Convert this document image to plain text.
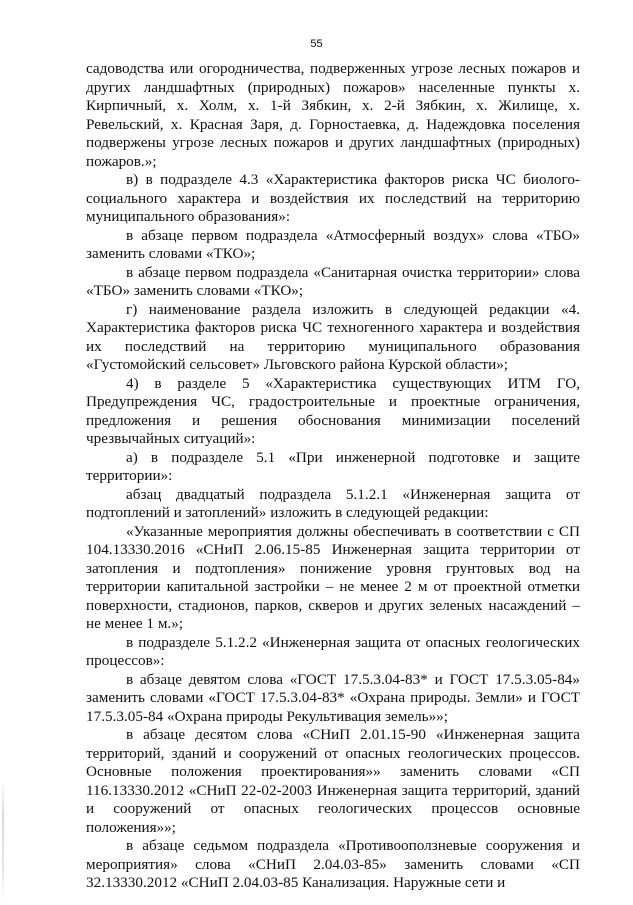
55

садоводства или огородничества, подверженных угрозе лесных пожаров и других ландшафтных (природных) пожаров» населенные пункты х. Кирпичный, х. Холм, х. 1-й Зябкин, х. 2-й Зябкин, х. Жилище, х. Ревельский, х. Красная Заря, д. Горностаевка, д. Надеждовка поселения подвержены угрозе лесных пожаров и других ландшафтных (природных) пожаров.»;

в) в подразделе 4.3 «Характеристика факторов риска ЧС биолого-социального характера и воздействия их последствий на территорию муниципального образования»:

в абзаце первом подраздела «Атмосферный воздух» слова «ТБО» заменить словами «ТКО»;

в абзаце первом подраздела «Санитарная очистка территории» слова «ТБО» заменить словами «ТКО»;

г) наименование раздела изложить в следующей редакции «4. Характеристика факторов риска ЧС техногенного характера и воздействия их последствий на территорию муниципального образования «Густомойский сельсовет» Льговского района Курской области»;

4) в разделе 5 «Характеристика существующих ИТМ ГО, Предупреждения ЧС, градостроительные и проектные ограничения, предложения и решения обоснования минимизации поселений чрезвычайных ситуаций»:

а) в подразделе 5.1 «При инженерной подготовке и защите территории»:

абзац двадцатый подраздела 5.1.2.1 «Инженерная защита от подтоплений и затоплений» изложить в следующей редакции:

«Указанные мероприятия должны обеспечивать в соответствии с СП 104.13330.2016 «СНиП 2.06.15-85 Инженерная защита территории от затопления и подтопления» понижение уровня грунтовых вод на территории капитальной застройки – не менее 2 м от проектной отметки поверхности, стадионов, парков, скверов и других зеленых насаждений – не менее 1 м.»;

в подразделе 5.1.2.2 «Инженерная защита от опасных геологических процессов»:

в абзаце девятом слова «ГОСТ 17.5.3.04-83* и ГОСТ 17.5.3.05-84» заменить словами «ГОСТ 17.5.3.04-83* «Охрана природы. Земли» и ГОСТ 17.5.3.05-84 «Охрана природы Рекультивация земель»»;

в абзаце десятом слова «СНиП 2.01.15-90 «Инженерная защита территорий, зданий и сооружений от опасных геологических процессов. Основные положения проектирования»» заменить словами «СП 116.13330.2012 «СНиП 22-02-2003 Инженерная защита территорий, зданий и сооружений от опасных геологических процессов основные положения»»;

в абзаце седьмом подраздела «Противооползневые сооружения и мероприятия» слова «СНиП 2.04.03-85» заменить словами «СП 32.13330.2012 «СНиП 2.04.03-85 Канализация. Наружные сети и
